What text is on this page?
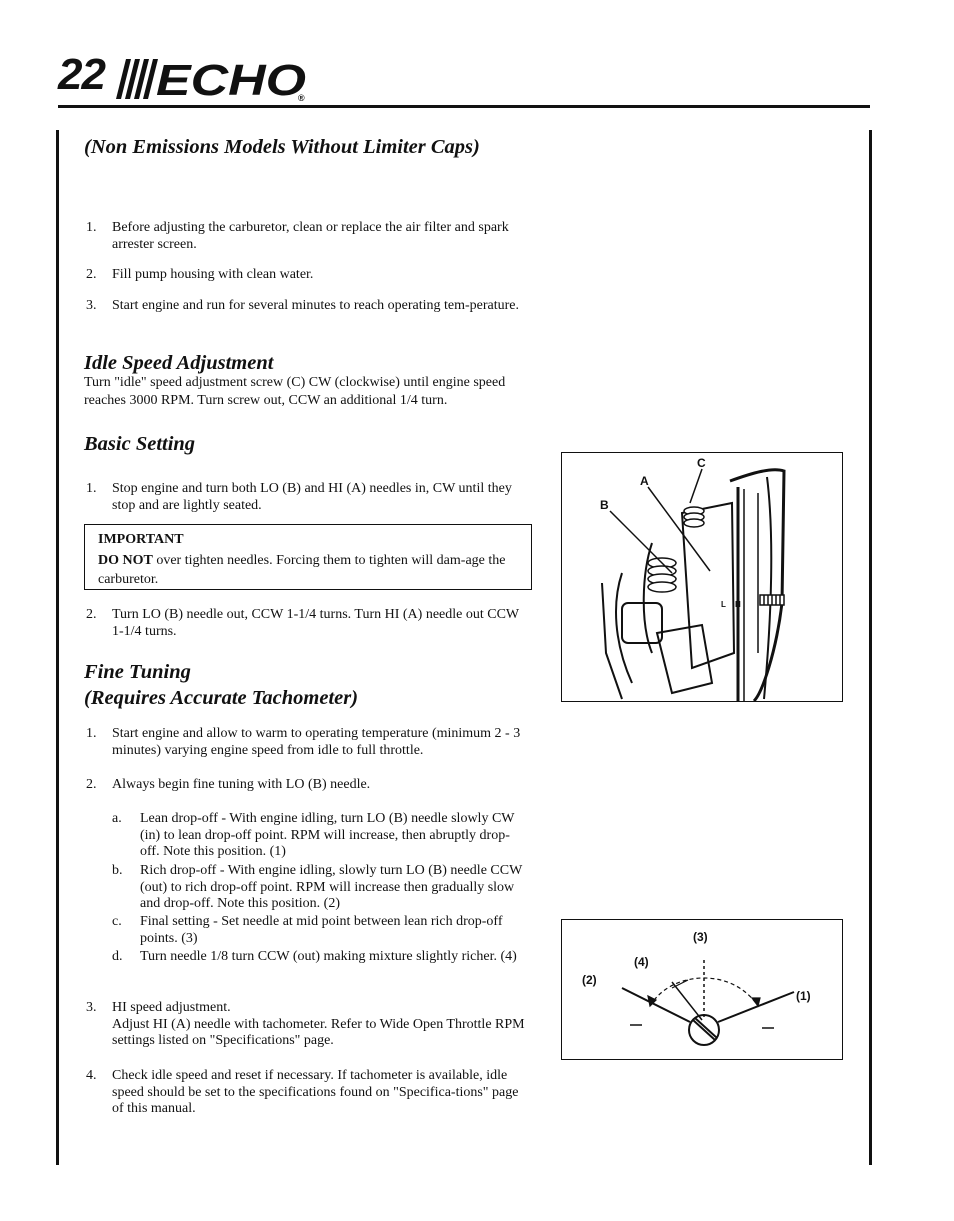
22 ECHO
®
(Non Emissions Models Without Limiter Caps)
1. Before adjusting the carburetor, clean or replace the air filter and spark arrester screen.
2. Fill pump housing with clean water.
3. Start engine and run for several minutes to reach operating tem-perature.
Idle Speed Adjustment
Turn "idle" speed adjustment screw (C) CW (clockwise) until engine speed reaches 3000 RPM. Turn screw out, CCW an additional 1/4 turn.
Basic Setting
1. Stop engine and turn both LO (B) and HI (A) needles in, CW until they stop and are lightly seated.
IMPORTANT
DO NOT over tighten needles. Forcing them to tighten will dam-age the carburetor.
2. Turn LO (B) needle out, CCW 1-1/4 turns. Turn HI (A) needle out CCW 1-1/4 turns.
Fine Tuning
(Requires Accurate Tachometer)
1. Start engine and allow to warm to operating temperature (minimum 2 - 3 minutes) varying engine speed from idle to full throttle.
2. Always begin fine tuning with LO (B) needle.
a. Lean drop-off - With engine idling, turn LO (B) needle slowly CW (in) to lean drop-off point. RPM will increase, then abruptly drop-off. Note this position. (1)
b. Rich drop-off - With engine idling, slowly turn LO (B) needle CCW (out) to rich drop-off point. RPM will increase then gradually slow and drop-off. Note this position. (2)
c. Final setting - Set needle at mid point between lean rich drop-off points. (3)
d. Turn needle 1/8 turn CCW (out) making mixture slightly richer. (4)
3. HI speed adjustment.
Adjust HI (A) needle with tachometer. Refer to Wide Open Throttle RPM settings listed on "Specifications" page.
4. Check idle speed and reset if necessary. If tachometer is available, idle speed should be set to the specifications found on "Specifica-tions" page of this manual.
C
A
B
L H
(3)
(4)
(2)
(1)
